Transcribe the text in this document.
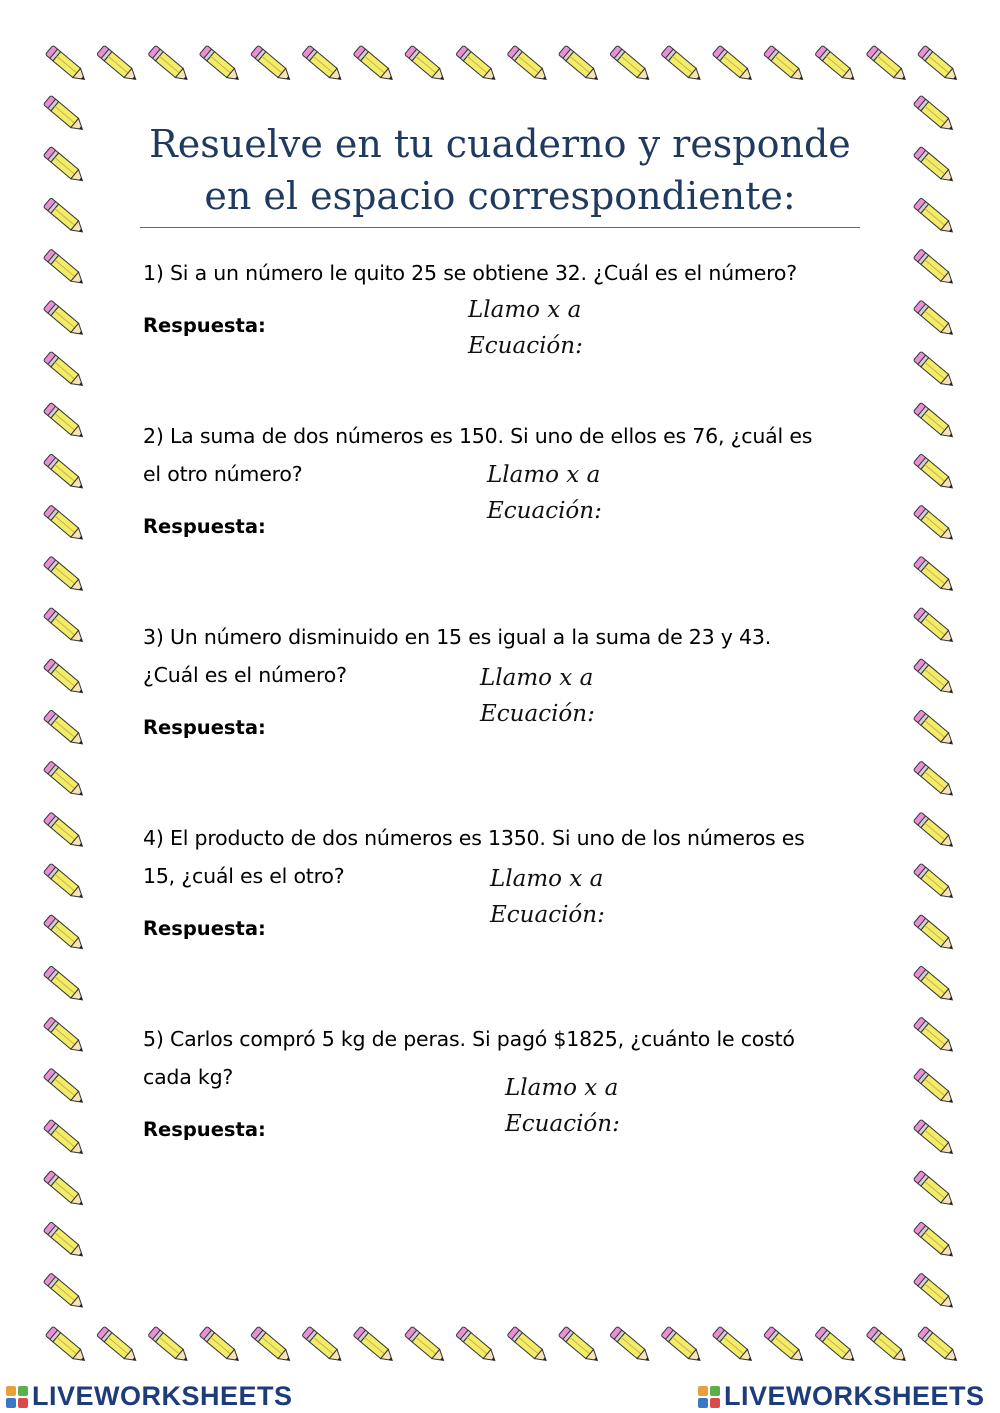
Resuelve en tu cuaderno y responde
en el espacio correspondiente:
1) Si a un número le quito 25 se obtiene 32. ¿Cuál es el número?
Respuesta:
Llamo x a
Ecuación:
2) La suma de dos números es 150. Si uno de ellos es 76, ¿cuál es
el otro número?
Respuesta:
Llamo x a
Ecuación:
3) Un número disminuido en 15 es igual a la suma de 23 y 43.
¿Cuál es el número?
Respuesta:
Llamo x a
Ecuación:
4) El producto de dos números es 1350. Si uno de los números es
15, ¿cuál es el otro?
Respuesta:
Llamo x a
Ecuación:
5) Carlos compró 5 kg de peras. Si pagó $1825, ¿cuánto le costó
cada kg?
Respuesta:
Llamo x a
Ecuación:
LIVEWORKSHEETS	LIVEWORKSHEETS
